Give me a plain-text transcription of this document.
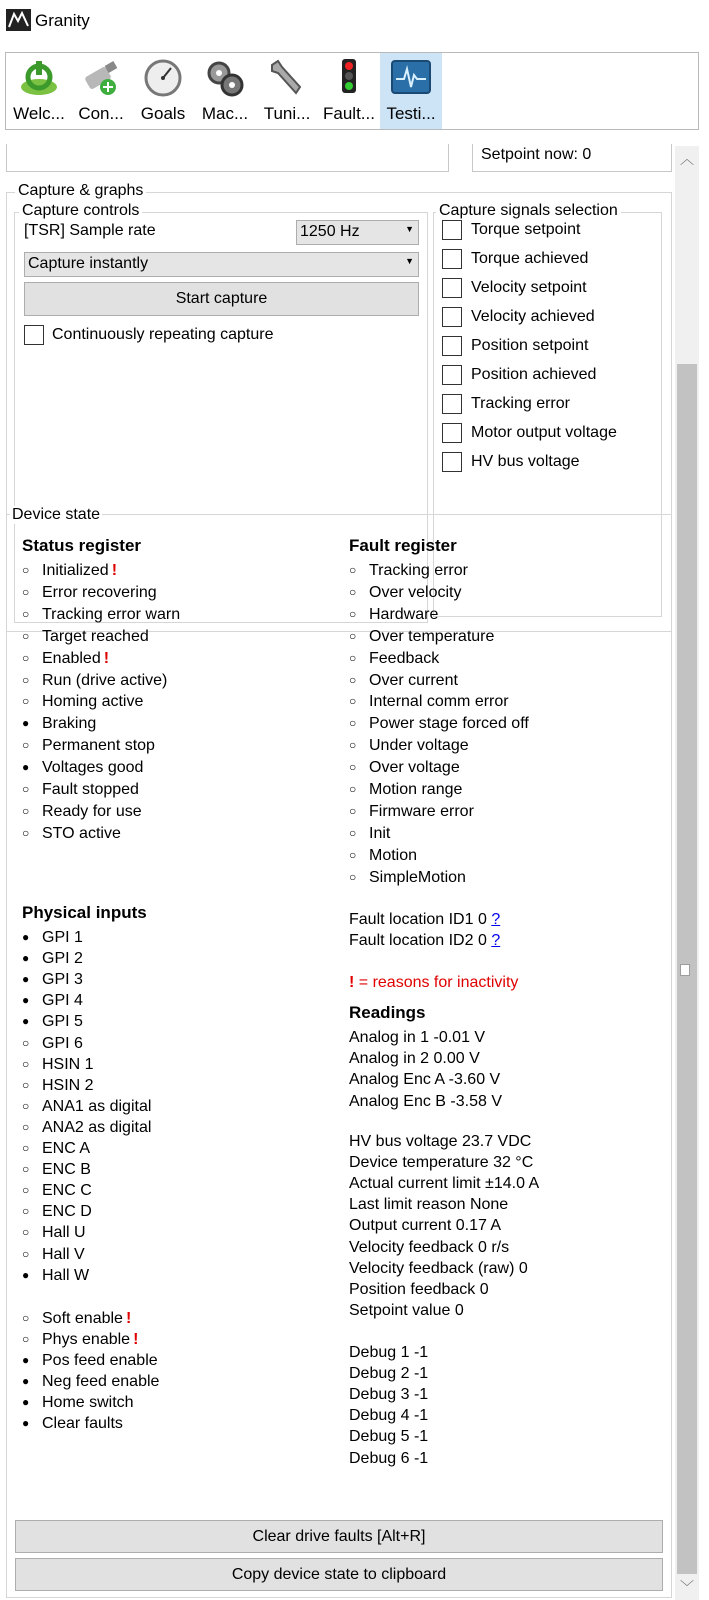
Granity
Welc... Con...	Goals Mac... Tuni... Fault... Testi...
Setpoint now: 0
Capture & graphs
Capture controls
[TSR] Sample rate	1250 Hz	▼
Capture instantly	▼
Start capture
Continuously repeating capture
Capture signals selection
Torque setpoint
Torque achieved
Velocity setpoint
Velocity achieved
Position setpoint
Position achieved
Tracking error
Motor output voltage
HV bus voltage
Device state
Status register
○ Initialized !
○ Error recovering
○ Tracking error warn
○ Target reached
○ Enabled !
○ Run (drive active)
○ Homing active
● Braking
○ Permanent stop
● Voltages good
○ Fault stopped
○ Ready for use
○ STO active
Fault register
○ Tracking error
○ Over velocity
○ Hardware
○ Over temperature
○ Feedback
○ Over current
○ Internal comm error
○ Power stage forced off
○ Under voltage
○ Over voltage
○ Motion range
○ Firmware error
○ Init
○ Motion
○ SimpleMotion
Physical inputs
● GPI 1
● GPI 2
● GPI 3
● GPI 4
● GPI 5
○ GPI 6
○ HSIN 1
○ HSIN 2
○ ANA1 as digital
○ ANA2 as digital
○ ENC A
○ ENC B
○ ENC C
○ ENC D
○ Hall U
○ Hall V
● Hall W
○ Soft enable !
○ Phys enable !
● Pos feed enable
● Neg feed enable
● Home switch
● Clear faults
Fault location ID1 0 ?
Fault location ID2 0 ?
! = reasons for inactivity
Readings
Analog in 1 -0.01 V
Analog in 2 0.00 V
Analog Enc A -3.60 V
Analog Enc B -3.58 V
HV bus voltage 23.7 VDC
Device temperature 32 °C
Actual current limit ±14.0 A
Last limit reason None
Output current 0.17 A
Velocity feedback 0 r/s
Velocity feedback (raw) 0
Position feedback 0
Setpoint value 0
Debug 1 -1
Debug 2 -1
Debug 3 -1
Debug 4 -1
Debug 5 -1
Debug 6 -1
Clear drive faults [Alt+R]
Copy device state to clipboard
︿
﹀
